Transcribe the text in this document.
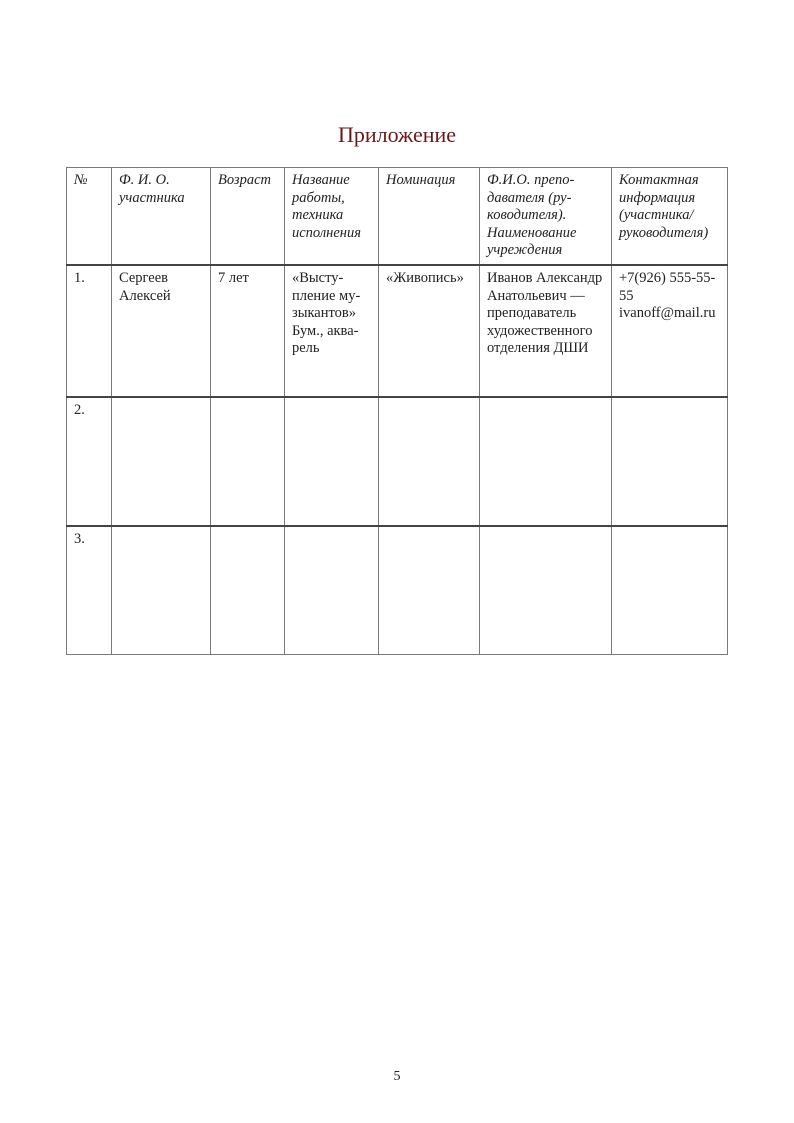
Приложение
№	Ф. И. О. участника	Возраст	Название работы, техника исполнения	Номинация	Ф.И.О. преподавателя (руководителя). Наименование учреждения	Контактная информация (участника/ руководителя)
1.	Сергеев Алексей	7 лет	«Выступление музыкантов» Бум., акварель	«Живопись»	Иванов Александр Анатольевич — преподаватель художественного отделения ДШИ	+7(926) 555-55-55 ivanoff@mail.ru
2.						
3.						
5
